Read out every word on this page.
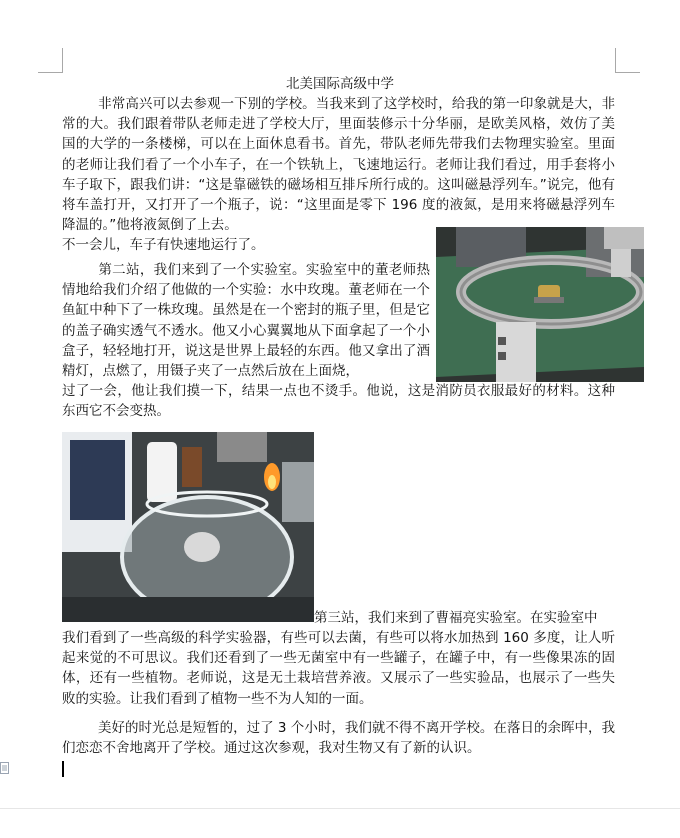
北美国际高级中学
非常高兴可以去参观一下别的学校。当我来到了这学校时，给我的第一印象就是大，非常的大。我们跟着带队老师走进了学校大厅，里面装修示十分华丽，是欧美风格，效仿了美国的大学的一条楼梯，可以在上面休息看书。首先，带队老师先带我们去物理实验室。里面的老师让我们看了一个小车子，在一个铁轨上，飞速地运行。老师让我们看过，用手套将小车子取下，跟我们讲：“这是靠磁铁的磁场相互排斥所行成的。这叫磁悬浮列车。”说完，他有将车盖打开，又打开了一个瓶子，说：“这里面是零下 196 度的液氮，是用来将磁悬浮列车降温的。”他将液氮倒了上去。
不一会儿，车子有快速地运行了。
第二站，我们来到了一个实验室。实验室中的董老师热情地给我们介绍了他做的一个实验：水中玫瑰。董老师在一个鱼缸中种下了一株玫瑰。虽然是在一个密封的瓶子里，但是它的盖子确实透气不透水。他又小心翼翼地从下面拿起了一个小盒子，轻轻地打开，说这是世界上最轻的东西。他又拿出了酒精灯，点燃了，用镊子夹了一点然后放在上面烧，
过了一会，他让我们摸一下，结果一点也不烫手。他说，这是消防员衣服最好的材料。这种东西它不会变热。
第三站，我们来到了曹福亮实验室。在实验室中
我们看到了一些高级的科学实验器，有些可以去菌，有些可以将水加热到 160 多度，让人听起来觉的不可思议。我们还看到了一些无菌室中有一些罐子，在罐子中，有一些像果冻的固体，还有一些植物。老师说，这是无土栽培营养液。又展示了一些实验品，也展示了一些失败的实验。让我们看到了植物一些不为人知的一面。
美好的时光总是短暂的，过了 3 个小时，我们就不得不离开学校。在落日的余晖中，我们恋恋不舍地离开了学校。通过这次参观，我对生物又有了新的认识。
